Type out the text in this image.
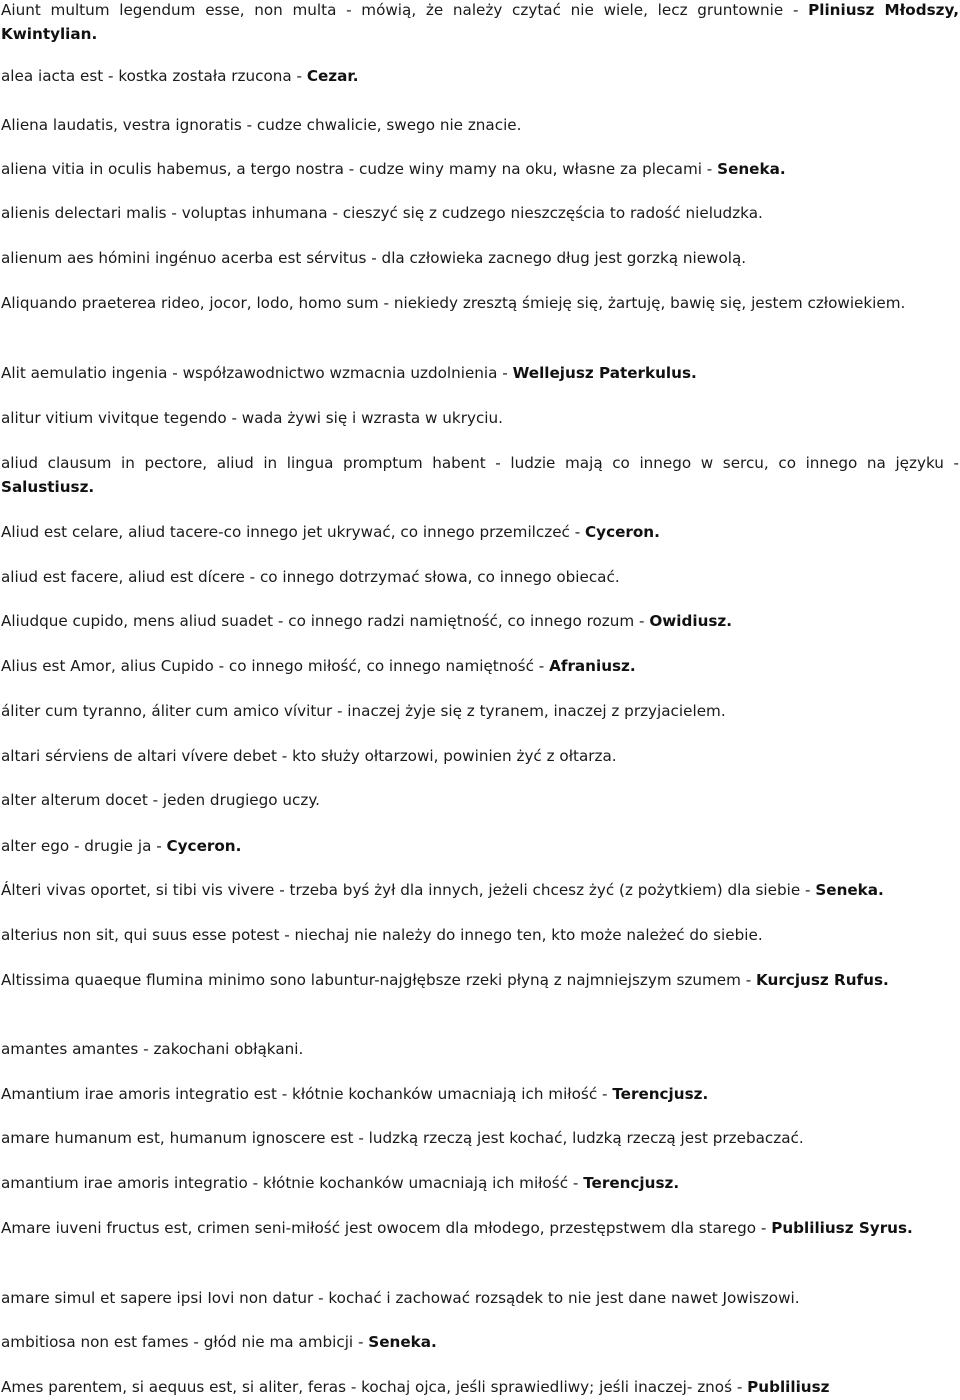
Aiunt multum legendum esse, non multa - mówią, że należy czytać nie wiele, lecz gruntownie - Pliniusz Młodszy, Kwintylian.

alea iacta est - kostka została rzucona - Cezar.

Aliena laudatis, vestra ignoratis - cudze chwalicie, swego nie znacie.

aliena vitia in oculis habemus, a tergo nostra - cudze winy mamy na oku, własne za plecami - Seneka.

alienis delectari malis - voluptas inhumana - cieszyć się z cudzego nieszczęścia to radość nieludzka.

alienum aes hómini ingénuo acerba est sérvitus - dla człowieka zacnego dług jest gorzką niewolą.

Aliquando praeterea rideo, jocor, lodo, homo sum - niekiedy zresztą śmieję się, żartuję, bawię się, jestem człowiekiem.

Alit aemulatio ingenia - współzawodnictwo wzmacnia uzdolnienia - Wellejusz Paterkulus.

alitur vitium vivitque tegendo - wada żywi się i wzrasta w ukryciu.

aliud clausum in pectore, aliud in lingua promptum habent - ludzie mają co innego w sercu, co innego na języku - Salustiusz.

Aliud est celare, aliud tacere-co innego jet ukrywać, co innego przemilczeć - Cyceron.

aliud est facere, aliud est dícere - co innego dotrzymać słowa, co innego obiecać.

Aliudque cupido, mens aliud suadet - co innego radzi namiętność, co innego rozum - Owidiusz.

Alius est Amor, alius Cupido - co innego miłość, co innego namiętność - Afraniusz.

áliter cum tyranno, áliter cum amico vívitur - inaczej żyje się z tyranem, inaczej z przyjacielem.

altari sérviens de altari vívere debet - kto służy ołtarzowi, powinien żyć z ołtarza.

alter alterum docet - jeden drugiego uczy.

alter ego - drugie ja - Cyceron.

Álteri vivas oportet, si tibi vis vivere - trzeba byś żył dla innych, jeżeli chcesz żyć (z pożytkiem) dla siebie - Seneka.

alterius non sit, qui suus esse potest - niechaj nie należy do innego ten, kto może należeć do siebie.

Altissima quaeque flumina minimo sono labuntur-najgłębsze rzeki płyną z najmniejszym szumem - Kurcjusz Rufus.

amantes amantes - zakochani obłąkani.

Amantium irae amoris integratio est - kłótnie kochanków umacniają ich miłość - Terencjusz.

amare humanum est, humanum ignoscere est - ludzką rzeczą jest kochać, ludzką rzeczą jest przebaczać.

amantium irae amoris integratio - kłótnie kochanków umacniają ich miłość - Terencjusz.

Amare iuveni fructus est, crimen seni-miłość jest owocem dla młodego, przestępstwem dla starego - Publiliusz Syrus.

amare simul et sapere ipsi Iovi non datur - kochać i zachować rozsądek to nie jest dane nawet Jowiszowi.

ambitiosa non est fames - głód nie ma ambicji - Seneka.

Ames parentem, si aequus est, si aliter, feras - kochaj ojca, jeśli sprawiedliwy; jeśli inaczej- znoś - Publiliusz
